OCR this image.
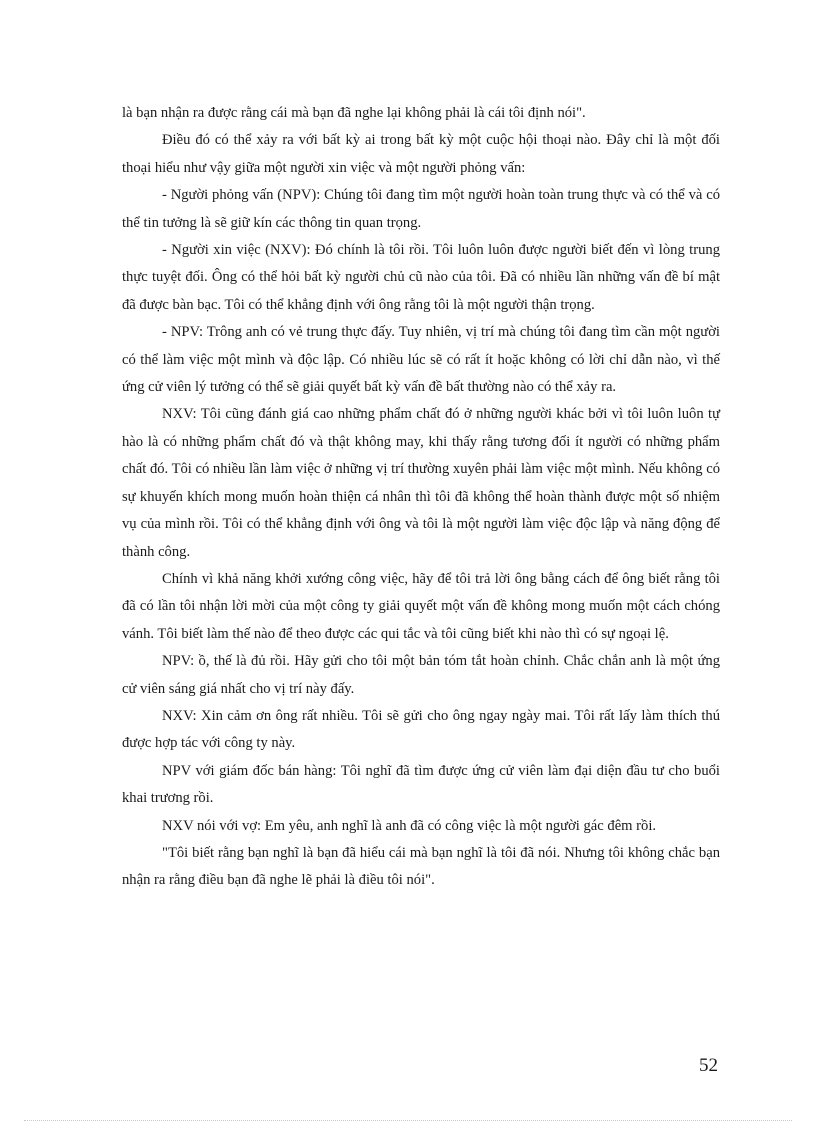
là bạn nhận ra được rằng cái mà bạn đã nghe lại không phải là cái tôi định nói".

Điều đó có thể xảy ra với bất kỳ ai trong bất kỳ một cuộc hội thoại nào. Đây chỉ là một đối thoại hiểu như vậy giữa một người xin việc và một người phỏng vấn:

- Người phỏng vấn (NPV): Chúng tôi đang tìm một người hoàn toàn trung thực và có thể và có thể tin tưởng là sẽ giữ kín các thông tin quan trọng.

- Người xin việc (NXV): Đó chính là tôi rồi. Tôi luôn luôn được người biết đến vì lòng trung thực tuyệt đối. Ông có thể hỏi bất kỳ người chủ cũ nào của tôi. Đã có nhiều lần những vấn đề bí mật đã được bàn bạc. Tôi có thể khẳng định với ông rằng tôi là một người thận trọng.

- NPV: Trông anh có vẻ trung thực đấy. Tuy nhiên, vị trí mà chúng tôi đang tìm cần một người có thể làm việc một mình và độc lập. Có nhiều lúc sẽ có rất ít hoặc không có lời chỉ dẫn nào, vì thế ứng cử viên lý tưởng có thể sẽ giải quyết bất kỳ vấn đề bất thường nào có thể xảy ra.

NXV: Tôi cũng đánh giá cao những phẩm chất đó ở những người khác bởi vì tôi luôn luôn tự hào là có những phẩm chất đó và thật không may, khi thấy rằng tương đối ít người có những phẩm chất đó. Tôi có nhiều lần làm việc ở những vị trí thường xuyên phải làm việc một mình. Nếu không có sự khuyến khích mong muốn hoàn thiện cá nhân thì tôi đã không thể hoàn thành được một số nhiệm vụ của mình rồi. Tôi có thể khẳng định với ông và tôi là một người làm việc độc lập và năng động để thành công.

Chính vì khả năng khởi xướng công việc, hãy để tôi trả lời ông bằng cách để ông biết rằng tôi đã có lần tôi nhận lời mời của một công ty giải quyết một vấn đề không mong muốn một cách chóng vánh. Tôi biết làm thế nào để theo được các qui tắc và tôi cũng biết khi nào thì có sự ngoại lệ.

NPV: ồ, thế là đủ rồi. Hãy gửi cho tôi một bản tóm tắt hoàn chỉnh. Chắc chắn anh là một ứng cử viên sáng giá nhất cho vị trí này đấy.

NXV: Xin cảm ơn ông rất nhiều. Tôi sẽ gửi cho ông ngay ngày mai. Tôi rất lấy làm thích thú được hợp tác với công ty này.

NPV với giám đốc bán hàng: Tôi nghĩ đã tìm được ứng cử viên làm đại diện đầu tư cho buổi khai trương rồi.

NXV nói với vợ: Em yêu, anh nghĩ là anh đã có công việc là một người gác đêm rồi.

"Tôi biết rằng bạn nghĩ là bạn đã hiểu cái mà bạn nghĩ là tôi đã nói. Nhưng tôi không chắc bạn nhận ra rằng điều bạn đã nghe lẽ phải là điều tôi nói".

52
